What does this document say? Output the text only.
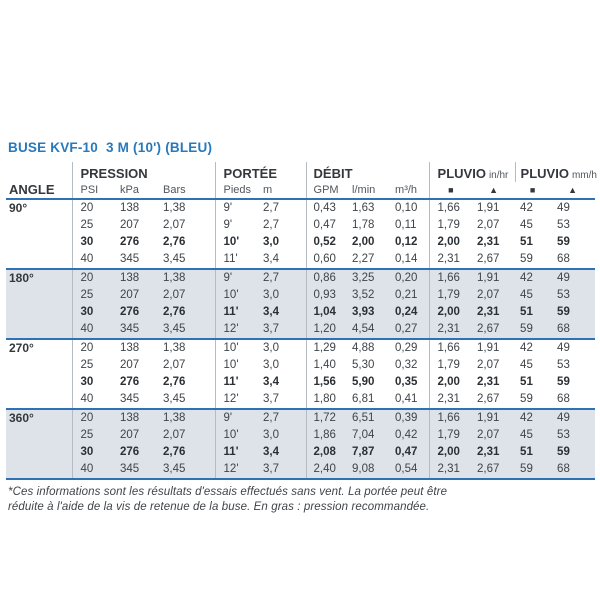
BUSE KVF-10 3 M (10') (BLEU)
ANGLE	PRESSION			PORTÉE		DÉBIT			PLUVIO in/hr		PLUVIO mm/h	
	PSI	kPa	Bars	Pieds	m	GPM	l/min	m³/h	■	▲	■	▲
90°	20	138	1,38	9'	2,7	0,43	1,63	0,10	1,66	1,91	42	49
	25	207	2,07	9'	2,7	0,47	1,78	0,11	1,79	2,07	45	53
	30	276	2,76	10'	3,0	0,52	2,00	0,12	2,00	2,31	51	59
	40	345	3,45	11'	3,4	0,60	2,27	0,14	2,31	2,67	59	68
180°	20	138	1,38	9'	2,7	0,86	3,25	0,20	1,66	1,91	42	49
	25	207	2,07	10'	3,0	0,93	3,52	0,21	1,79	2,07	45	53
	30	276	2,76	11'	3,4	1,04	3,93	0,24	2,00	2,31	51	59
	40	345	3,45	12'	3,7	1,20	4,54	0,27	2,31	2,67	59	68
270°	20	138	1,38	10'	3,0	1,29	4,88	0,29	1,66	1,91	42	49
	25	207	2,07	10'	3,0	1,40	5,30	0,32	1,79	2,07	45	53
	30	276	2,76	11'	3,4	1,56	5,90	0,35	2,00	2,31	51	59
	40	345	3,45	12'	3,7	1,80	6,81	0,41	2,31	2,67	59	68
360°	20	138	1,38	9'	2,7	1,72	6,51	0,39	1,66	1,91	42	49
	25	207	2,07	10'	3,0	1,86	7,04	0,42	1,79	2,07	45	53
	30	276	2,76	11'	3,4	2,08	7,87	0,47	2,00	2,31	51	59
	40	345	3,45	12'	3,7	2,40	9,08	0,54	2,31	2,67	59	68

*Ces informations sont les résultats d'essais effectués sans vent. La portée peut être
réduite à l'aide de la vis de retenue de la buse. En gras : pression recommandée.
